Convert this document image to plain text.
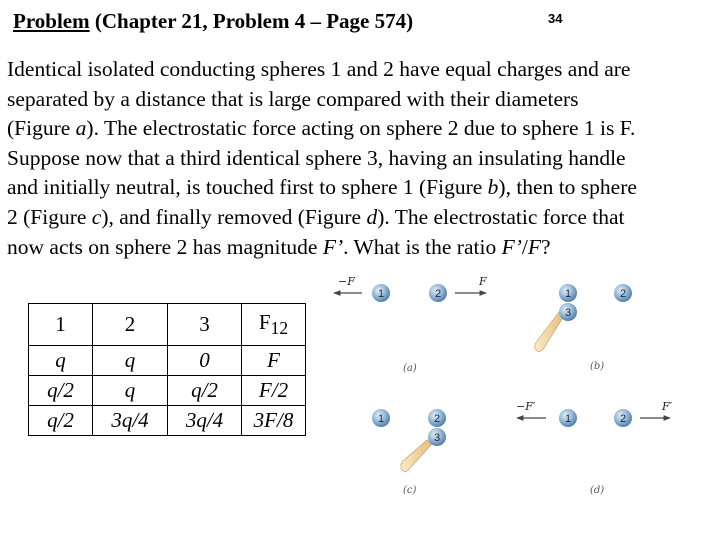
Problem (Chapter 21, Problem 4 – Page 574)	34

Identical isolated conducting spheres 1 and 2 have equal charges and are
separated by a distance that is large compared with their diameters
(Figure a). The electrostatic force acting on sphere 2 due to sphere 1 is F.
Suppose now that a third identical sphere 3, having an insulating handle
and initially neutral, is touched first to sphere 1 (Figure b), then to sphere
2 (Figure c), and finally removed (Figure d). The electrostatic force that
now acts on sphere 2 has magnitude F’. What is the ratio F’/F?

1	2	3	$F_{12}$
q	q	0	F
q/2	q	q/2	F/2
q/2	3q/4	3q/4	3F/8
−F
1	2
F
(a)
1
3
2
(b)
1	2
3
(c)
−F′
1	2
F′
(d)
